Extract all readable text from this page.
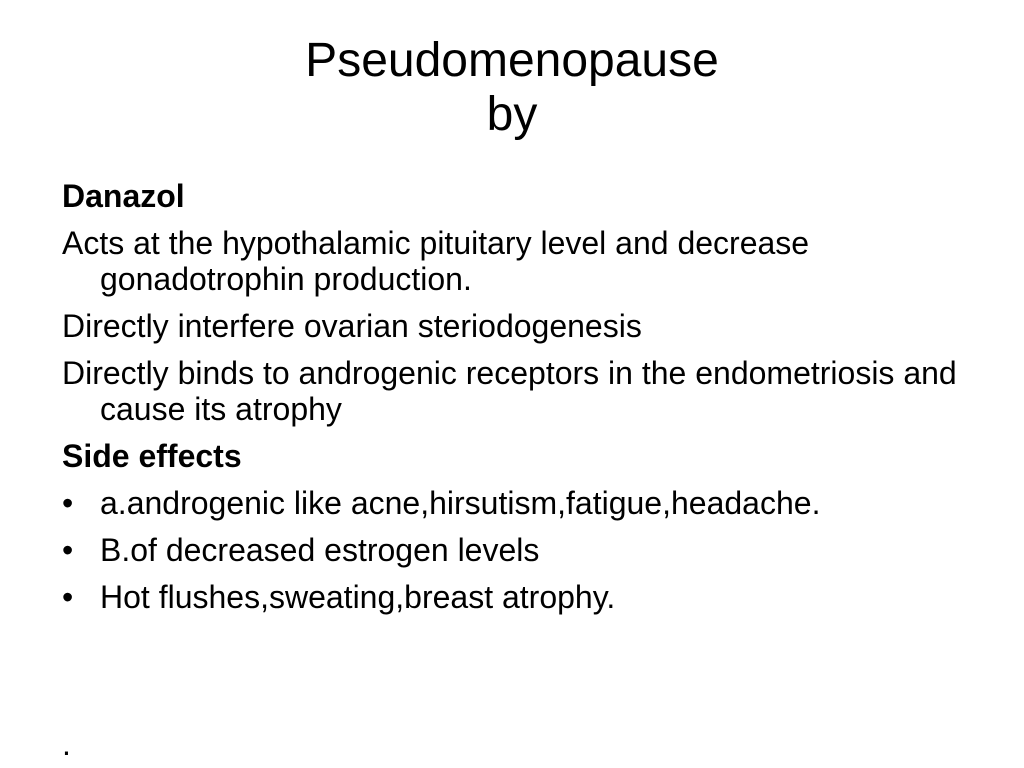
Pseudomenopause
by
Danazol
Acts at the hypothalamic pituitary level and decrease gonadotrophin production.
Directly interfere ovarian steriodogenesis
Directly binds to androgenic receptors in the endometriosis and cause its atrophy
Side effects
• a.androgenic like acne,hirsutism,fatigue,headache.
• B.of decreased estrogen levels
• Hot flushes,sweating,breast atrophy.
.
